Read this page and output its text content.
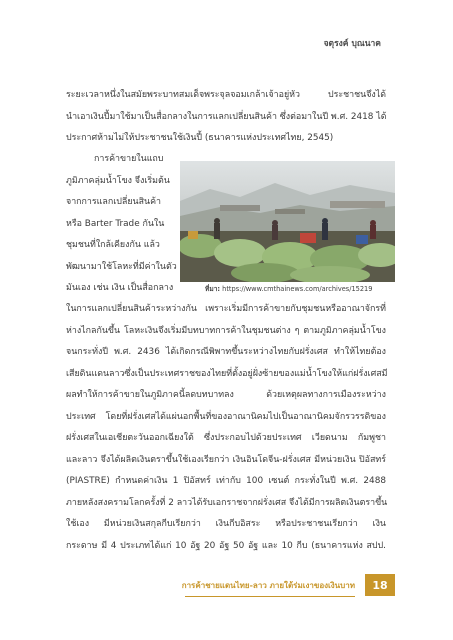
จตุรงค์ บุณนาค
ระยะเวลาหนึ่งในสมัยพระบาทสมเด็จพระจุลจอมเกล้าเจ้าอยู่หัว ประชาชนจึงได้
นำเอาเงินปี้มาใช้มาเป็นสื่อกลางในการแลกเปลี่ยนสินค้า ซึ่งต่อมาในปี พ.ศ. 2418 ได้
ประกาศห้ามไม่ให้ประชาชนใช้เงินปี้ (ธนาคารแห่งประเทศไทย, 2545)
การค้าขายในแถบ
ภูมิภาคลุ่มน้ำโขง จึงเริ่มต้น
จากการแลกเปลี่ยนสินค้า
หรือ Barter Trade กันใน
ชุมชนที่ใกล้เคียงกัน แล้ว
พัฒนามาใช้โลหะที่มีค่าในตัว
มันเอง เช่น เงิน เป็นสื่อกลาง	ที่มา: https://www.cmthainews.com/archives/15219
ในการแลกเปลี่ยนสินค้าระหว่างกัน เพราะเริ่มมีการค้าขายกับชุมชนหรืออาณาจักรที่
ห่างไกลกันขึ้น โลหะเงินจึงเริ่มมีบทบาทการค้าในชุมชนต่าง ๆ ตามภูมิภาคลุ่มน้ำโขง
จนกระทั่งปี พ.ศ. 2436 ได้เกิดกรณีพิพาทขึ้นระหว่างไทยกับฝรั่งเศส ทำให้ไทยต้อง
เสียดินแดนลาวซึ่งเป็นประเทศราชของไทยที่ตั้งอยู่ฝั่งซ้ายของแม่น้ำโขงให้แก่ฝรั่งเศสมี
ผลทำให้การค้าขายในภูมิภาคนี้ลดบทบาทลง ด้วยเหตุผลทางการเมืองระหว่าง
ประเทศ โดยที่ฝรั่งเศสได้แผ่นอกพื้นที่ของอาณานิคมไปเป็นอาณานิคมจักรวรรดิของ
ฝรั่งเศสในเอเชียตะวันออกเฉียงใต้ ซึ่งประกอบไปด้วยประเทศ เวียดนาม กัมพูชา
และลาว จึงได้ผลิตเงินตราขึ้นใช้เองเรียกว่า เงินอินโดจีน-ฝรั่งเศส มีหน่วยเงิน ปิอัสทร์
(PIASTRE) กำหนดค่าเงิน 1 ปิอัสทร์ เท่ากับ 100 เซนต์ กระทั่งในปี พ.ศ. 2488
ภายหลังสงครามโลกครั้งที่ 2 ลาวได้รับเอกราชจากฝรั่งเศส จึงได้มีการผลิตเงินตราขึ้น
ใช้เอง มีหน่วยเงินสกุลกีบเรียกว่า เงินกีบอิสระ หรือประชาชนเรียกว่า เงิน
กระดาษ มี 4 ประเภทได้แก่ 10 อัฐ 20 อัฐ 50 อัฐ และ 10 กีบ (ธนาคารแห่ง สปป.
การค้าชายแดนไทย-ลาว ภายใต้ร่มเงาของเงินบาท 18
